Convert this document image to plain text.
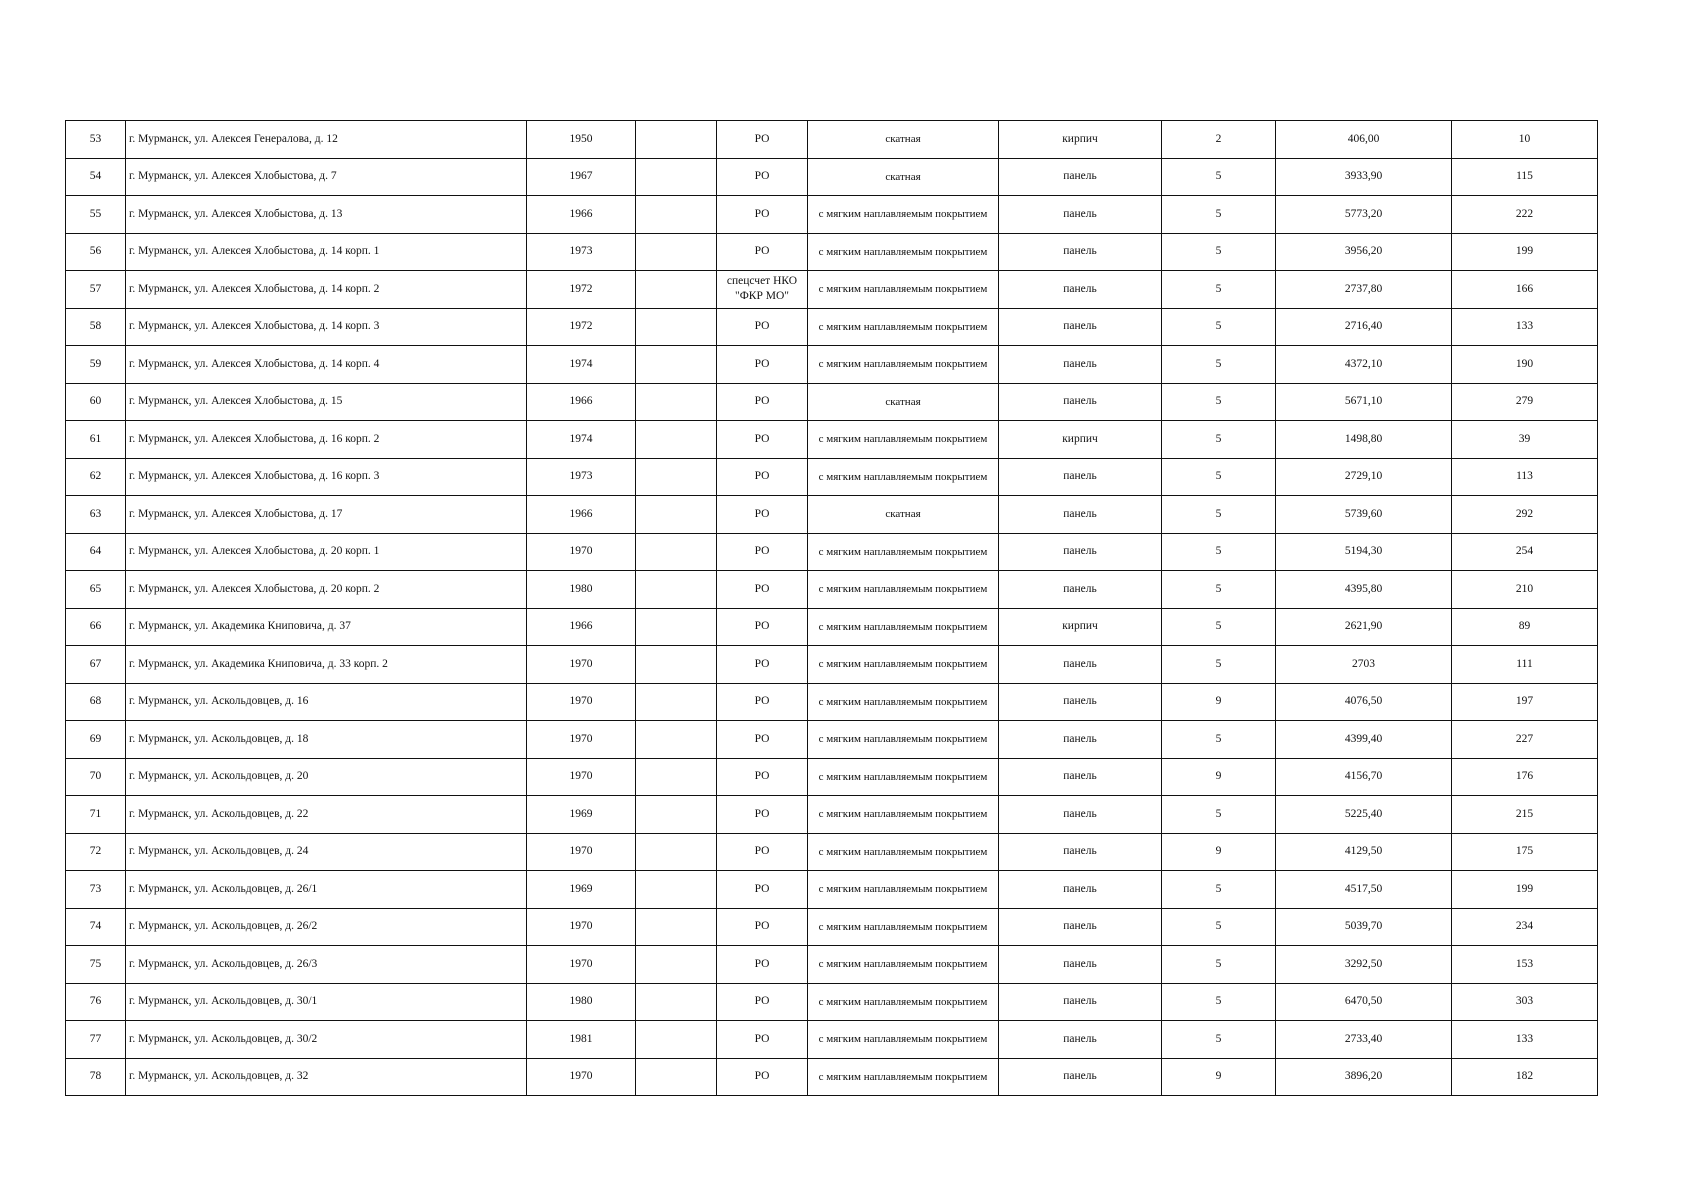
53	г. Мурманск, ул. Алексея Генералова, д. 12	1950		РО	скатная	кирпич	2	406,00	10
54	г. Мурманск, ул. Алексея Хлобыстова, д. 7	1967		РО	скатная	панель	5	3933,90	115
55	г. Мурманск, ул. Алексея Хлобыстова, д. 13	1966		РО	с мягким наплавляемым покрытием	панель	5	5773,20	222
56	г. Мурманск, ул. Алексея Хлобыстова, д. 14 корп. 1	1973		РО	с мягким наплавляемым покрытием	панель	5	3956,20	199
57	г. Мурманск, ул. Алексея Хлобыстова, д. 14 корп. 2	1972		спецсчет НКО "ФКР МО"	с мягким наплавляемым покрытием	панель	5	2737,80	166
58	г. Мурманск, ул. Алексея Хлобыстова, д. 14 корп. 3	1972		РО	с мягким наплавляемым покрытием	панель	5	2716,40	133
59	г. Мурманск, ул. Алексея Хлобыстова, д. 14 корп. 4	1974		РО	с мягким наплавляемым покрытием	панель	5	4372,10	190
60	г. Мурманск, ул. Алексея Хлобыстова, д. 15	1966		РО	скатная	панель	5	5671,10	279
61	г. Мурманск, ул. Алексея Хлобыстова, д. 16 корп. 2	1974		РО	с мягким наплавляемым покрытием	кирпич	5	1498,80	39
62	г. Мурманск, ул. Алексея Хлобыстова, д. 16 корп. 3	1973		РО	с мягким наплавляемым покрытием	панель	5	2729,10	113
63	г. Мурманск, ул. Алексея Хлобыстова, д. 17	1966		РО	скатная	панель	5	5739,60	292
64	г. Мурманск, ул. Алексея Хлобыстова, д. 20 корп. 1	1970		РО	с мягким наплавляемым покрытием	панель	5	5194,30	254
65	г. Мурманск, ул. Алексея Хлобыстова, д. 20 корп. 2	1980		РО	с мягким наплавляемым покрытием	панель	5	4395,80	210
66	г. Мурманск, ул. Академика Книповича, д. 37	1966		РО	с мягким наплавляемым покрытием	кирпич	5	2621,90	89
67	г. Мурманск, ул. Академика Книповича, д. 33 корп. 2	1970		РО	с мягким наплавляемым покрытием	панель	5	2703	111
68	г. Мурманск, ул. Аскольдовцев, д. 16	1970		РО	с мягким наплавляемым покрытием	панель	9	4076,50	197
69	г. Мурманск, ул. Аскольдовцев, д. 18	1970		РО	с мягким наплавляемым покрытием	панель	5	4399,40	227
70	г. Мурманск, ул. Аскольдовцев, д. 20	1970		РО	с мягким наплавляемым покрытием	панель	9	4156,70	176
71	г. Мурманск, ул. Аскольдовцев, д. 22	1969		РО	с мягким наплавляемым покрытием	панель	5	5225,40	215
72	г. Мурманск, ул. Аскольдовцев, д. 24	1970		РО	с мягким наплавляемым покрытием	панель	9	4129,50	175
73	г. Мурманск, ул. Аскольдовцев, д. 26/1	1969		РО	с мягким наплавляемым покрытием	панель	5	4517,50	199
74	г. Мурманск, ул. Аскольдовцев, д. 26/2	1970		РО	с мягким наплавляемым покрытием	панель	5	5039,70	234
75	г. Мурманск, ул. Аскольдовцев, д. 26/3	1970		РО	с мягким наплавляемым покрытием	панель	5	3292,50	153
76	г. Мурманск, ул. Аскольдовцев, д. 30/1	1980		РО	с мягким наплавляемым покрытием	панель	5	6470,50	303
77	г. Мурманск, ул. Аскольдовцев, д. 30/2	1981		РО	с мягким наплавляемым покрытием	панель	5	2733,40	133
78	г. Мурманск, ул. Аскольдовцев, д. 32	1970		РО	с мягким наплавляемым покрытием	панель	9	3896,20	182
